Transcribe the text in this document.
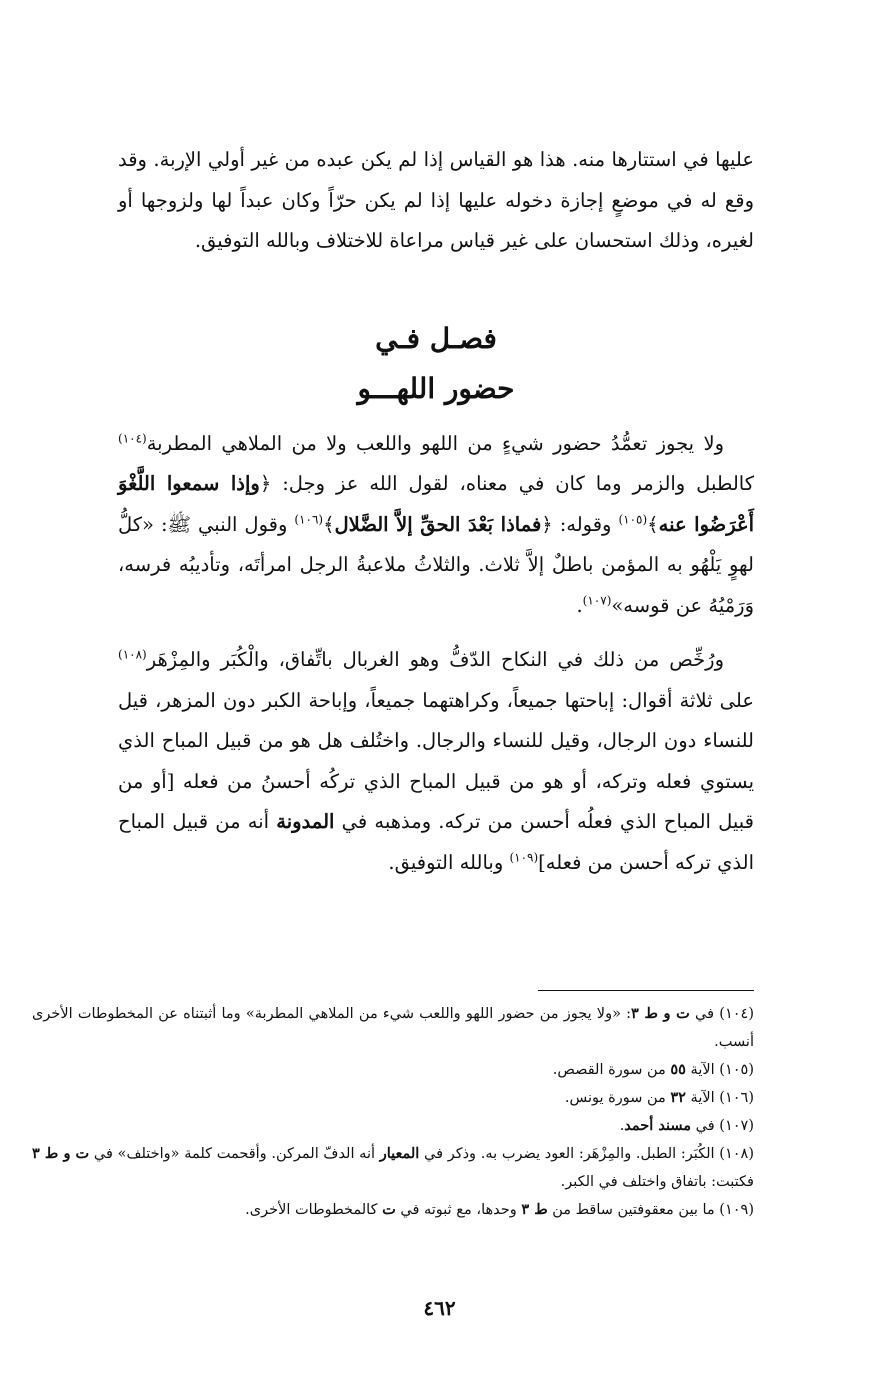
عليها في استتارها منه. هذا هو القياس إذا لم يكن عبده من غير أولي الإربة. وقد وقع له في موضعٍ إجازة دخوله عليها إذا لم يكن حرّاً وكان عبداً لها ولزوجها أو لغيره، وذلك استحسان على غير قياس مراعاة للاختلاف وبالله التوفيق.

فصـل فـي
حضور اللهـــو

ولا يجوز تعمُّدُ حضور شيءٍ من اللهو واللعب ولا من الملاهي المطربة$^{(١٠٤)}$ كالطبل والزمر وما كان في معناه، لقول الله عز وجل: ﴿وإذا سمعوا اللَّغْوَ أَعْرَضُوا عنه﴾$^{(١٠٥)}$ وقوله: ﴿فماذا بَعْدَ الحقِّ إلاَّ الضَّلال﴾$^{(١٠٦)}$ وقول النبي ﷺ: «كلُّ لهوٍ يَلْهُو به المؤمن باطلٌ إلاَّ ثلاث. والثلاثُ ملاعبةُ الرجل امرأتَه، وتأديبُه فرسه، وَرَمْيُهُ عن قوسه»$^{(١٠٧)}$.

ورُخِّص من ذلك في النكاح الدّفُّ وهو الغربال باتِّفاق، والْكُبَر والمِزْهَر$^{(١٠٨)}$ على ثلاثة أقوال: إباحتها جميعاً، وكراهتهما جميعاً، وإباحة الكبر دون المزهر، قيل للنساء دون الرجال، وقيل للنساء والرجال. واختُلف هل هو من قبيل المباح الذي يستوي فعله وتركه، أو هو من قبيل المباح الذي تركُه أحسنُ من فعله [أو من قبيل المباح الذي فعلُه أحسن من تركه. ومذهبه في المدونة أنه من قبيل المباح الذي تركه أحسن من فعله]$^{(١٠٩)}$ وبالله التوفيق.

(١٠٤) في ت و ط ٣: «ولا يجوز من حضور اللهو واللعب شيء من الملاهي المطربة» وما أثبتناه عن المخطوطات الأخرى أنسب.

(١٠٥) الآية ٥٥ من سورة القصص.

(١٠٦) الآية ٣٢ من سورة يونس.

(١٠٧) في مسند أحمد.

(١٠٨) الكُبَر: الطبل. والمِزْهَر: العود يضرب به. وذكر في المعيار أنه الدفّ المركن. وأقحمت كلمة «واختلف» في ت و ط ٣ فكتبت: باتفاق واختلف في الكبر.

(١٠٩) ما بين معقوفتين ساقط من ط ٣ وحدها، مع ثبوته في ت كالمخطوطات الأخرى.

٤٦٢
